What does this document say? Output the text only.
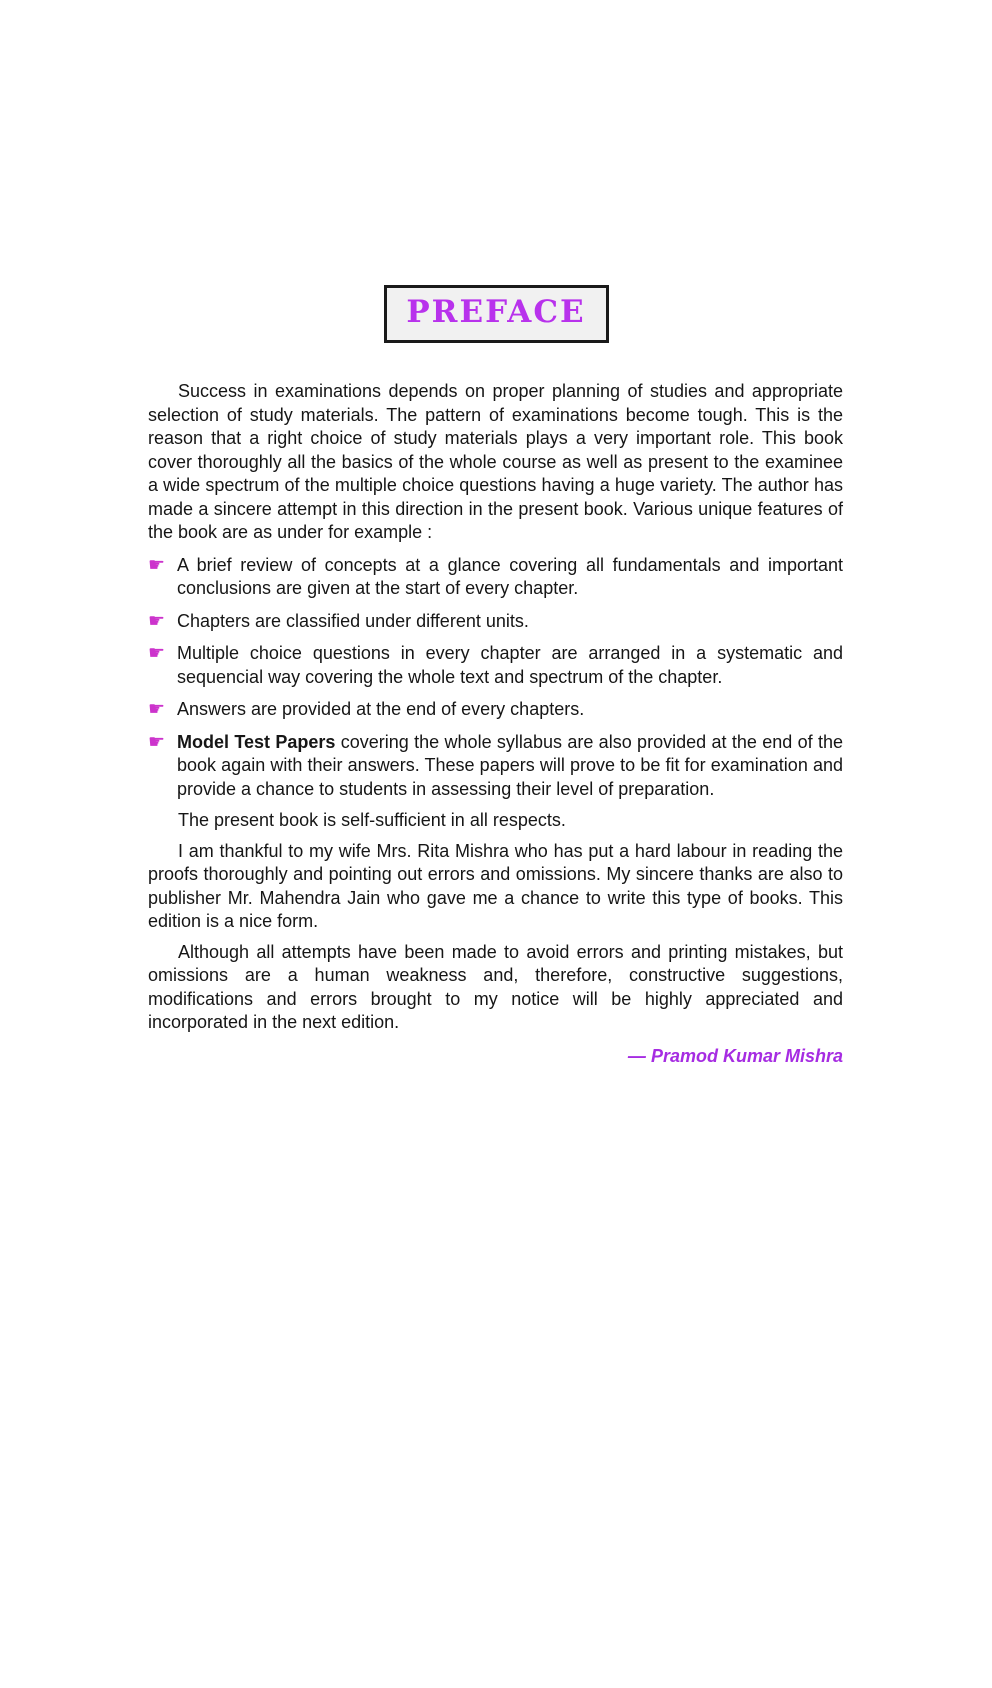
PREFACE

Success in examinations depends on proper planning of studies and appropriate selection of study materials. The pattern of examinations become tough. This is the reason that a right choice of study materials plays a very important role. This book cover thoroughly all the basics of the whole course as well as present to the examinee a wide spectrum of the multiple choice questions having a huge variety. The author has made a sincere attempt in this direction in the present book. Various unique features of the book are as under for example :

☛ A brief review of concepts at a glance covering all fundamentals and important conclusions are given at the start of every chapter.

☛ Chapters are classified under different units.

☛ Multiple choice questions in every chapter are arranged in a systematic and sequencial way covering the whole text and spectrum of the chapter.

☛ Answers are provided at the end of every chapters.

☛ Model Test Papers covering the whole syllabus are also provided at the end of the book again with their answers. These papers will prove to be fit for examination and provide a chance to students in assessing their level of preparation.

The present book is self-sufficient in all respects.

I am thankful to my wife Mrs. Rita Mishra who has put a hard labour in reading the proofs thoroughly and pointing out errors and omissions. My sincere thanks are also to publisher Mr. Mahendra Jain who gave me a chance to write this type of books. This edition is a nice form.

Although all attempts have been made to avoid errors and printing mistakes, but omissions are a human weakness and, therefore, constructive suggestions, modifications and errors brought to my notice will be highly appreciated and incorporated in the next edition.

— Pramod Kumar Mishra
